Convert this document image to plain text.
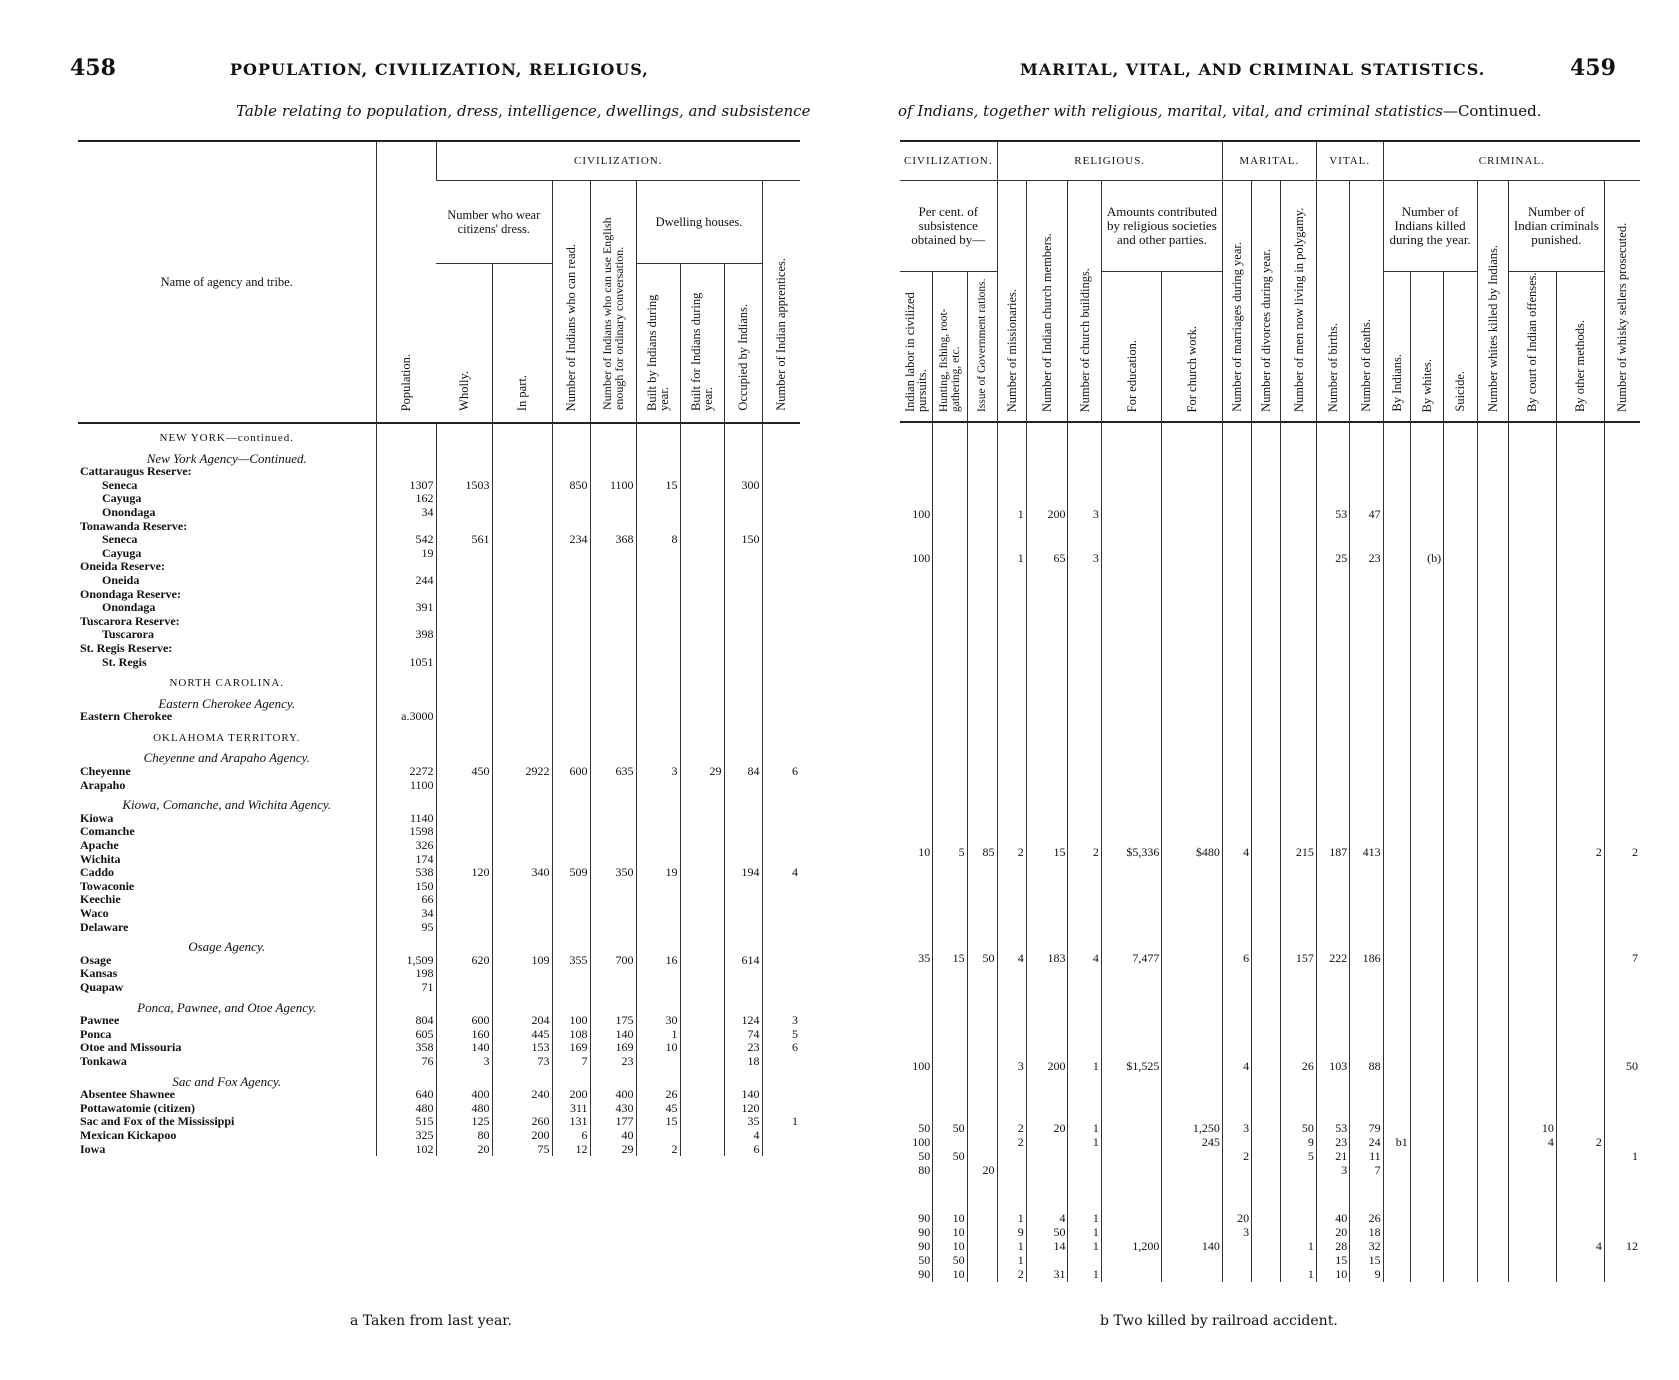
458	POPULATION, CIVILIZATION, RELIGIOUS,
Table relating to population, dress, intelligence, dwellings, and subsistence
Name of agency and tribe.	Population.	CIVILIZATION.							
		Number who wear citizens' dress.		Number of Indians who can read.	Number of Indians who can use English enough for ordinary conversation.	Dwelling houses.			Number of Indian apprentices.
		Wholly.	In part.			Built by Indians during year.	Built for Indians during year.	Occupied by Indians.	

NEW YORK—continued.									
New York Agency—Continued.									
Cattaraugus Reserve:									
Seneca	1307	1503		850	1100	15		300	
Cayuga	162								
Onondaga	34								
Tonawanda Reserve:									
Seneca	542	561		234	368	8		150	
Cayuga	19								
Oneida Reserve:									
Oneida	244								
Onondaga Reserve:									
Onondaga	391								
Tuscarora Reserve:									
Tuscarora	398								
St. Regis Reserve:									
St. Regis	1051								
NORTH CAROLINA.									
Eastern Cherokee Agency.									
Eastern Cherokee	a.3000								
OKLAHOMA TERRITORY.									
Cheyenne and Arapaho Agency.									
Cheyenne	2272	450	2922	600	635	3	29	84	6
Arapaho	1100								
Kiowa, Comanche, and Wichita Agency.									
Kiowa	1140								
Comanche	1598								
Apache	326								
Wichita	174								
Caddo	538	120	340	509	350	19		194	4
Towaconie	150								
Keechie	66								
Waco	34								
Delaware	95								
Osage Agency.									
Osage	1,509	620	109	355	700	16		614	
Kansas	198								
Quapaw	71								
Ponca, Pawnee, and Otoe Agency.									
Pawnee	804	600	204	100	175	30		124	3
Ponca	605	160	445	108	140	1		74	5
Otoe and Missouria	358	140	153	169	169	10		23	6
Tonkawa	76	3	73	7	23			18	
Sac and Fox Agency.									
Absentee Shawnee	640	400	240	200	400	26		140	
Pottawatomie (citizen)	480	480		311	430	45		120	
Sac and Fox of the Mississippi	515	125	260	131	177	15		35	1
Mexican Kickapoo	325	80	200	6	40			4	
Iowa	102	20	75	12	29	2		6	
a Taken from last year.
MARITAL, VITAL, AND CRIMINAL STATISTICS.	459
of Indians, together with religious, marital, vital, and criminal statistics—Continued.
CIVILIZATION.			RELIGIOUS.					MARITAL.			VITAL.		CRIMINAL.						
Per cent. of subsistence obtained by—			Number of missionaries.	Number of Indian church members.	Number of church buildings.	Amounts contributed by religious societies and other parties.		Number of marriages during year.	Number of divorces during year.	Number of men now living in polygamy.	Number of births.	Number of deaths.	Number of Indians killed during the year.			Number whites killed by Indians.	Number of Indian criminals punished.		Number of whisky sellers prosecuted.
Indian labor in civilized pursuits.	Hunting, fishing, root-gathering, etc.	Issue of Government rations.				For education.	For church work.						By Indians.	By whites.	Suicide.		By court of Indian offenses.	By other methods.	

100			1	200	3						53	47							
100			1	65	3						25	23		(b)					

10	5	85	2	15	2	$5,336	$480	4		215	187	413						2	2
35	15	50	4	183	4	7,477		6		157	222	186							7
100			3	200	1	$1,525		4		26	103	88							50
50	50		2	20	1		1,250	3		50	53	79					10		
100			2		1		245			9	23	24	b1				4	2	
50	50							2		5	21	11							1
80		20									3	7							
90	10		1	4	1			20			40	26							
90	10		9	50	1			3			20	18							
90	10		1	14	1	1,200	140			1	28	32						4	12
50	50		1								15	15							
90	10		2	31	1					1	10	9							
b Two killed by railroad accident.
